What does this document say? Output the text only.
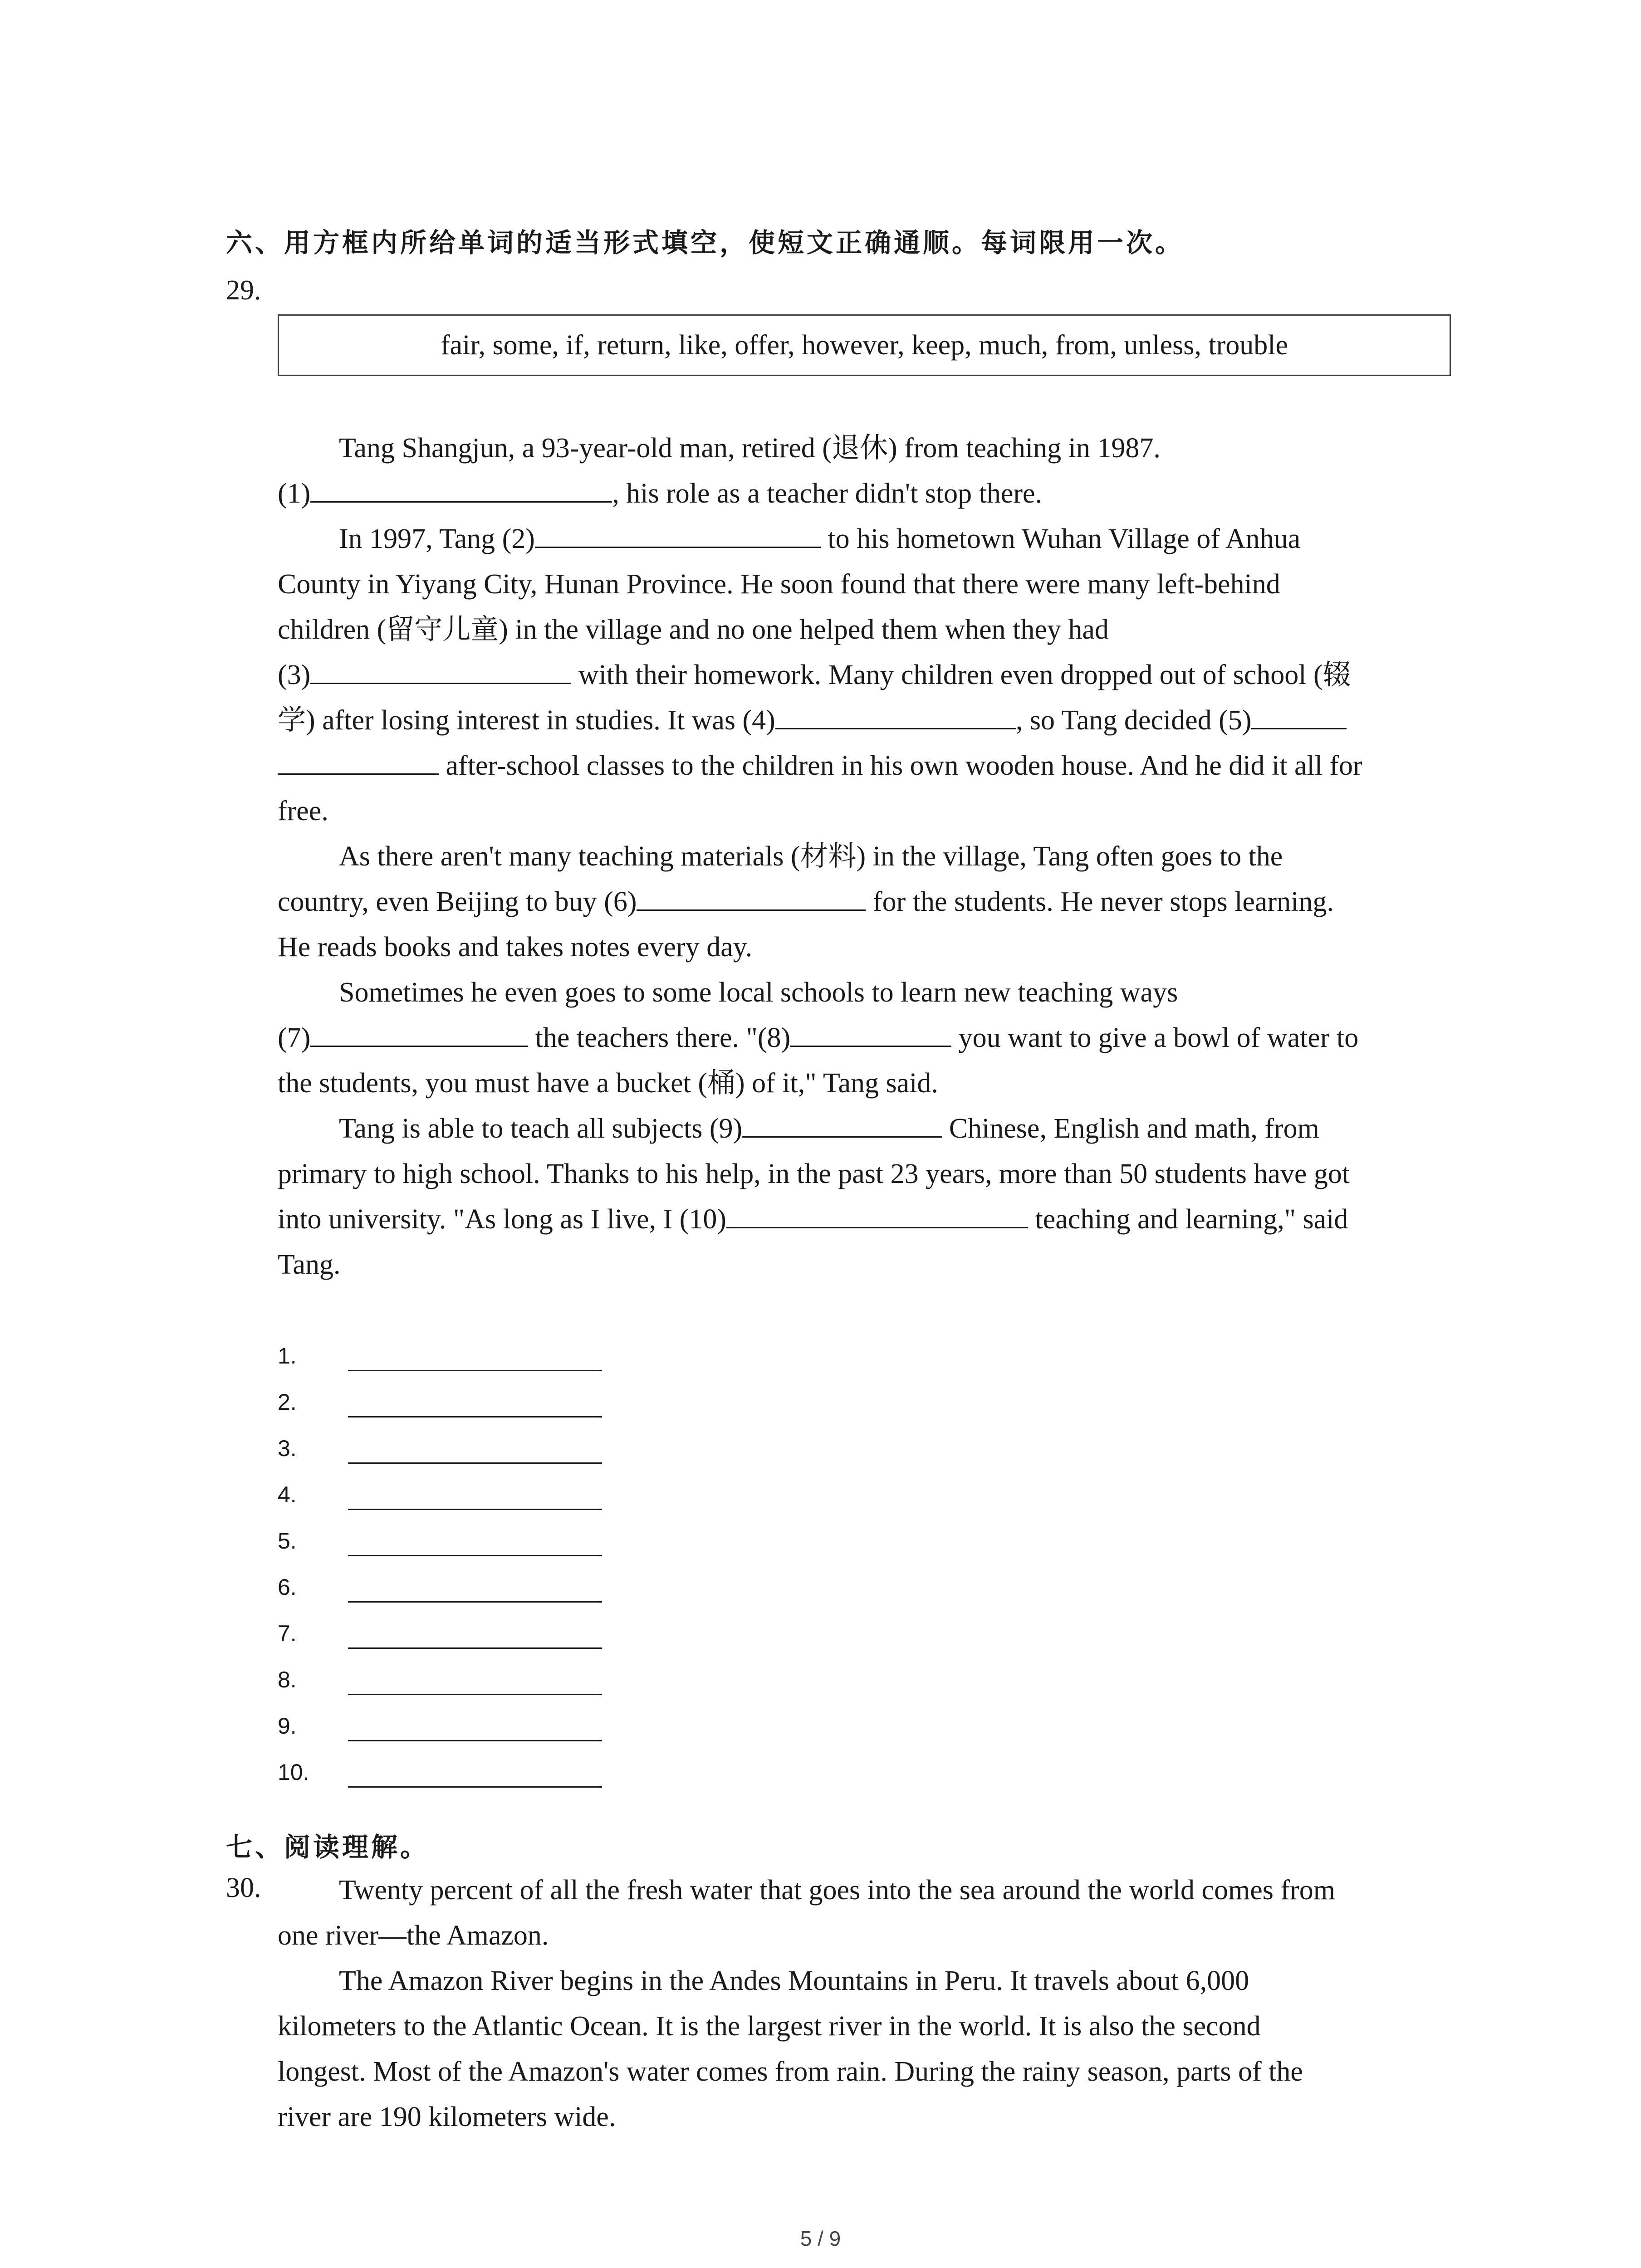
六、用方框内所给单词的适当形式填空，使短文正确通顺。每词限用一次。
29.
fair, some, if, return, like, offer, however, keep, much, from, unless, trouble
Tang Shangjun, a 93-year-old man, retired (退休) from teaching in 1987.
(1)	, his role as a teacher didn't stop there.
In 1997, Tang (2)	to his hometown Wuhan Village of Anhua
County in Yiyang City, Hunan Province. He soon found that there were many left-behind
children (留守儿童) in the village and no one helped them when they had
(3)	with their homework. Many children even dropped out of school (辍
学) after losing interest in studies. It was (4)	, so Tang decided (5)
after-school classes to the children in his own wooden house. And he did it all for
free.
As there aren't many teaching materials (材料) in the village, Tang often goes to the
country, even Beijing to buy (6)	for the students. He never stops learning.
He reads books and takes notes every day.
Sometimes he even goes to some local schools to learn new teaching ways
(7)	the teachers there. "(8)	you want to give a bowl of water to
the students, you must have a bucket (桶) of it," Tang said.
Tang is able to teach all subjects (9)	Chinese, English and math, from
primary to high school. Thanks to his help, in the past 23 years, more than 50 students have got
into university. "As long as I live, I (10)	teaching and learning," said
Tang.
1.
2.
3.
4.
5.
6.
7.
8.
9.
10.
七、阅读理解。
30.	Twenty percent of all the fresh water that goes into the sea around the world comes from
one river—the Amazon.
The Amazon River begins in the Andes Mountains in Peru. It travels about 6,000
kilometers to the Atlantic Ocean. It is the largest river in the world. It is also the second
longest. Most of the Amazon's water comes from rain. During the rainy season, parts of the
river are 190 kilometers wide.
5 / 9
